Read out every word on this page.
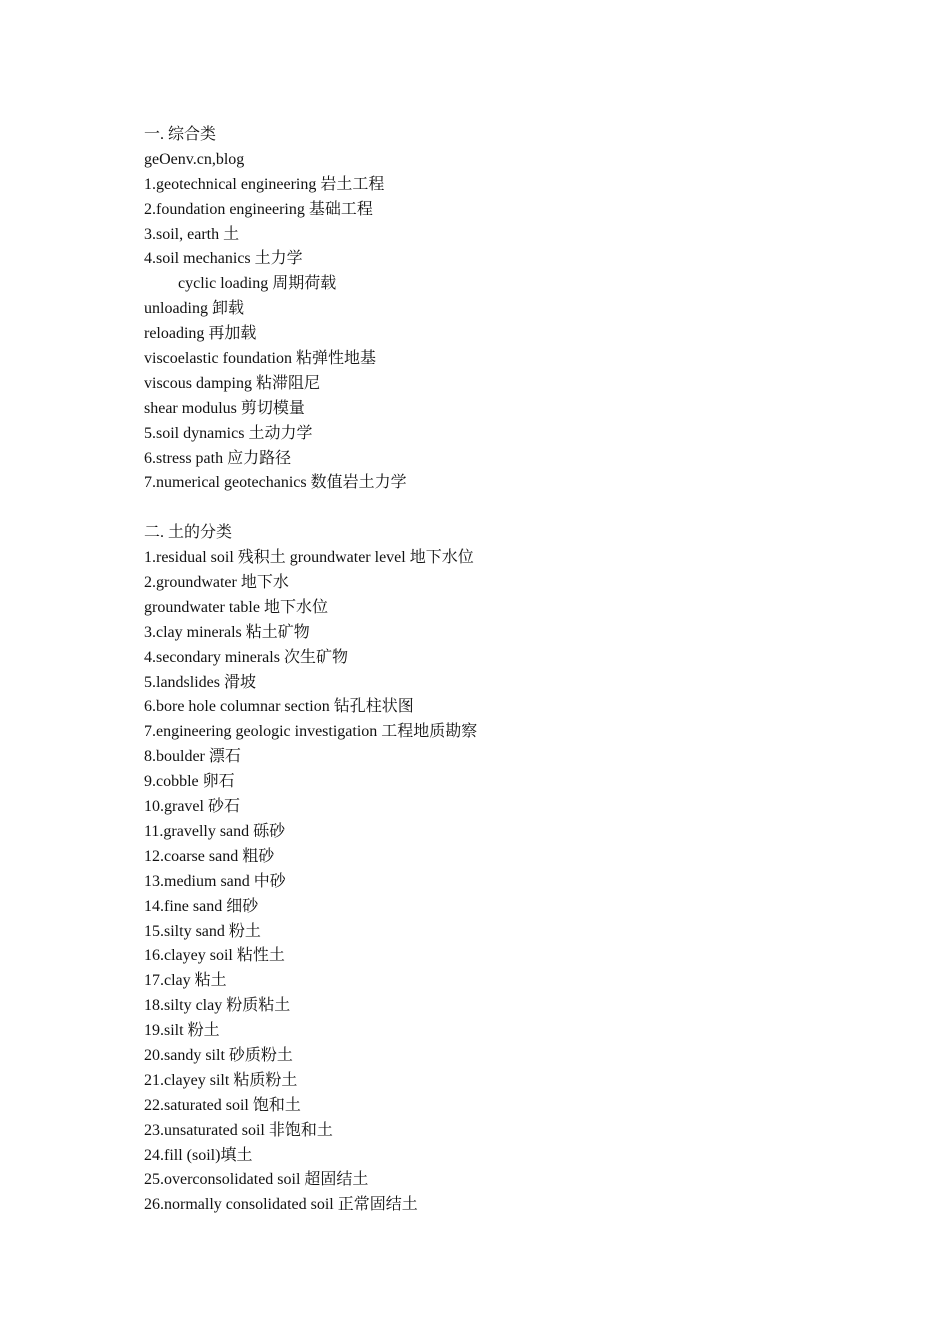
一. 综合类
geOenv.cn,blog
1.geotechnical engineering 岩土工程
2.foundation engineering 基础工程
3.soil, earth 土
4.soil mechanics 土力学
cyclic loading 周期荷载
unloading 卸载
reloading 再加载
viscoelastic foundation 粘弹性地基
viscous damping 粘滞阻尼
shear modulus 剪切模量
5.soil dynamics 土动力学
6.stress path 应力路径
7.numerical geotechanics 数值岩土力学
二. 土的分类
1.residual soil 残积土 groundwater level 地下水位
2.groundwater 地下水
groundwater table 地下水位
3.clay minerals 粘土矿物
4.secondary minerals 次生矿物
5.landslides 滑坡
6.bore hole columnar section 钻孔柱状图
7.engineering geologic investigation 工程地质勘察
8.boulder 漂石
9.cobble 卵石
10.gravel 砂石
11.gravelly sand 砾砂
12.coarse sand 粗砂
13.medium sand 中砂
14.fine sand 细砂
15.silty sand 粉土
16.clayey soil 粘性土
17.clay 粘土
18.silty clay 粉质粘土
19.silt 粉土
20.sandy silt 砂质粉土
21.clayey silt 粘质粉土
22.saturated soil 饱和土
23.unsaturated soil 非饱和土
24.fill (soil)填土
25.overconsolidated soil 超固结土
26.normally consolidated soil 正常固结土
